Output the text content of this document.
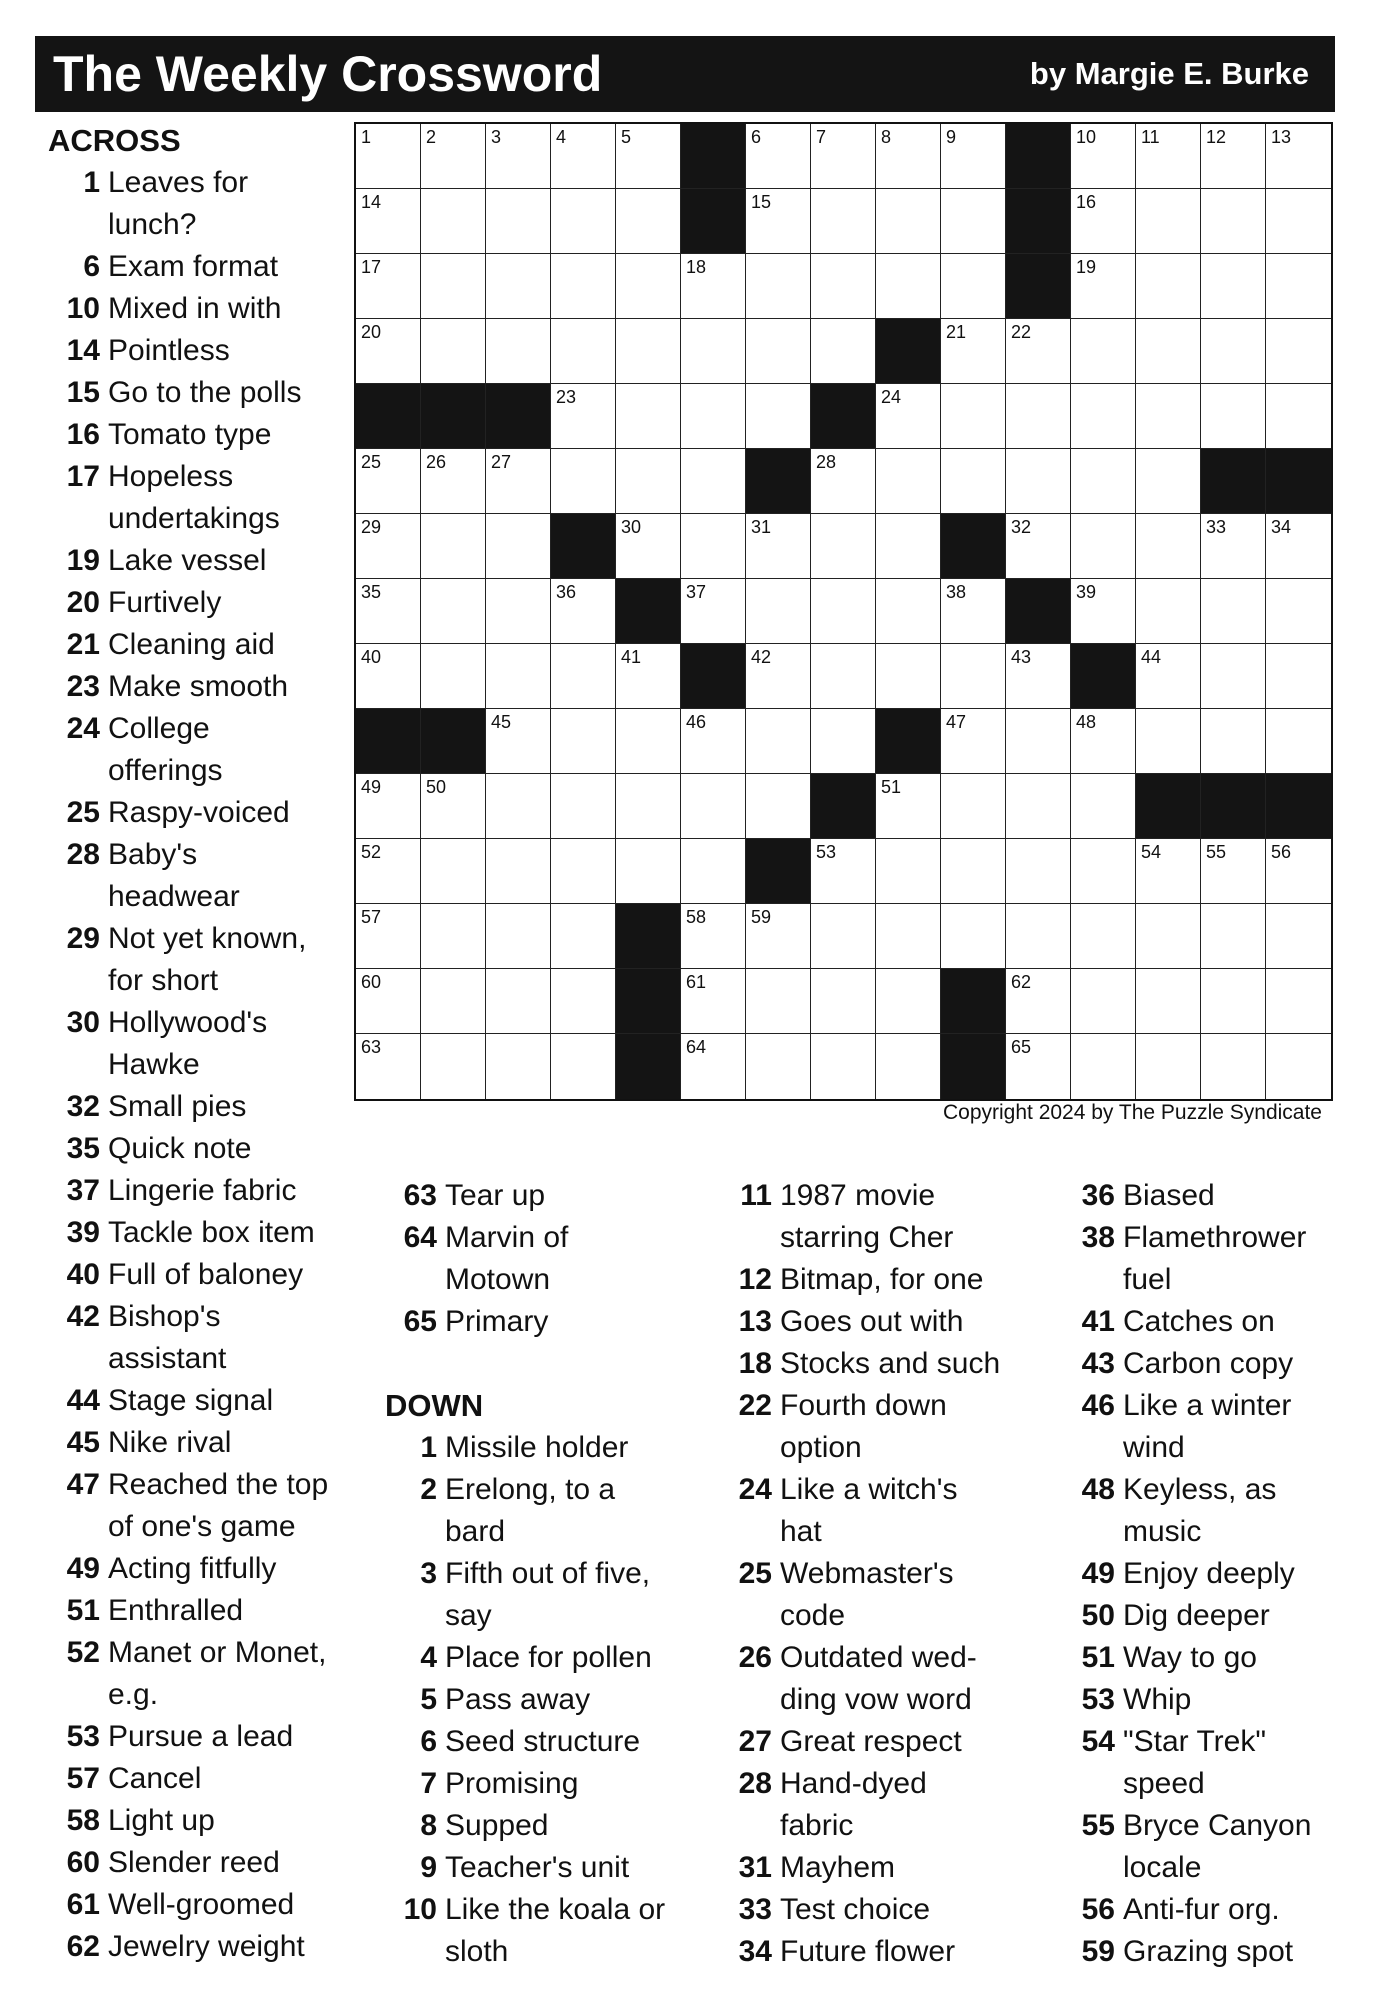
The Weekly Crossword	by Margie E. Burke
1	2	3	4	5	6	7	8	9	10 11	12 13
14	15	16
17	18	19
20	21 22
23	24
25 26 27	28
29	30	31	32	33 34
35	36	37	38	39
40	41	42	43	44
45	46	47	48
49 50	51
52	53	54 55 56
57	58 59
60	61	62
63	64	65
Copyright 2024 by The Puzzle Syndicate
ACROSS
1 Leaves for
lunch?
6 Exam format
10 Mixed in with
14 Pointless
15 Go to the polls
16 Tomato type
17 Hopeless
undertakings
19 Lake vessel
20 Furtively
21 Cleaning aid
23 Make smooth
24 College
offerings
25 Raspy-voiced
28 Baby's
headwear
29 Not yet known,
for short
30 Hollywood's
Hawke
32 Small pies
35 Quick note
37 Lingerie fabric
39 Tackle box item
40 Full of baloney
42 Bishop's
assistant
44 Stage signal
45 Nike rival
47 Reached the top
of one's game
49 Acting fitfully
51 Enthralled
52 Manet or Monet,
e.g.
53 Pursue a lead
57 Cancel
58 Light up
60 Slender reed
61 Well-groomed
62 Jewelry weight
63 Tear up
64 Marvin of
Motown
65 Primary
DOWN
1 Missile holder
2 Erelong, to a
bard
3 Fifth out of five,
say
4 Place for pollen
5 Pass away
6 Seed structure
7 Promising
8 Supped
9 Teacher's unit
10 Like the koala or
sloth
11 1987 movie
starring Cher
12 Bitmap, for one
13 Goes out with
18 Stocks and such
22 Fourth down
option
24 Like a witch's
hat
25 Webmaster's
code
26 Outdated wed-
ding vow word
27 Great respect
28 Hand-dyed
fabric
31 Mayhem
33 Test choice
34 Future flower
36 Biased
38 Flamethrower
fuel
41 Catches on
43 Carbon copy
46 Like a winter
wind
48 Keyless, as
music
49 Enjoy deeply
50 Dig deeper
51 Way to go
53 Whip
54 "Star Trek"
speed
55 Bryce Canyon
locale
56 Anti-fur org.
59 Grazing spot
